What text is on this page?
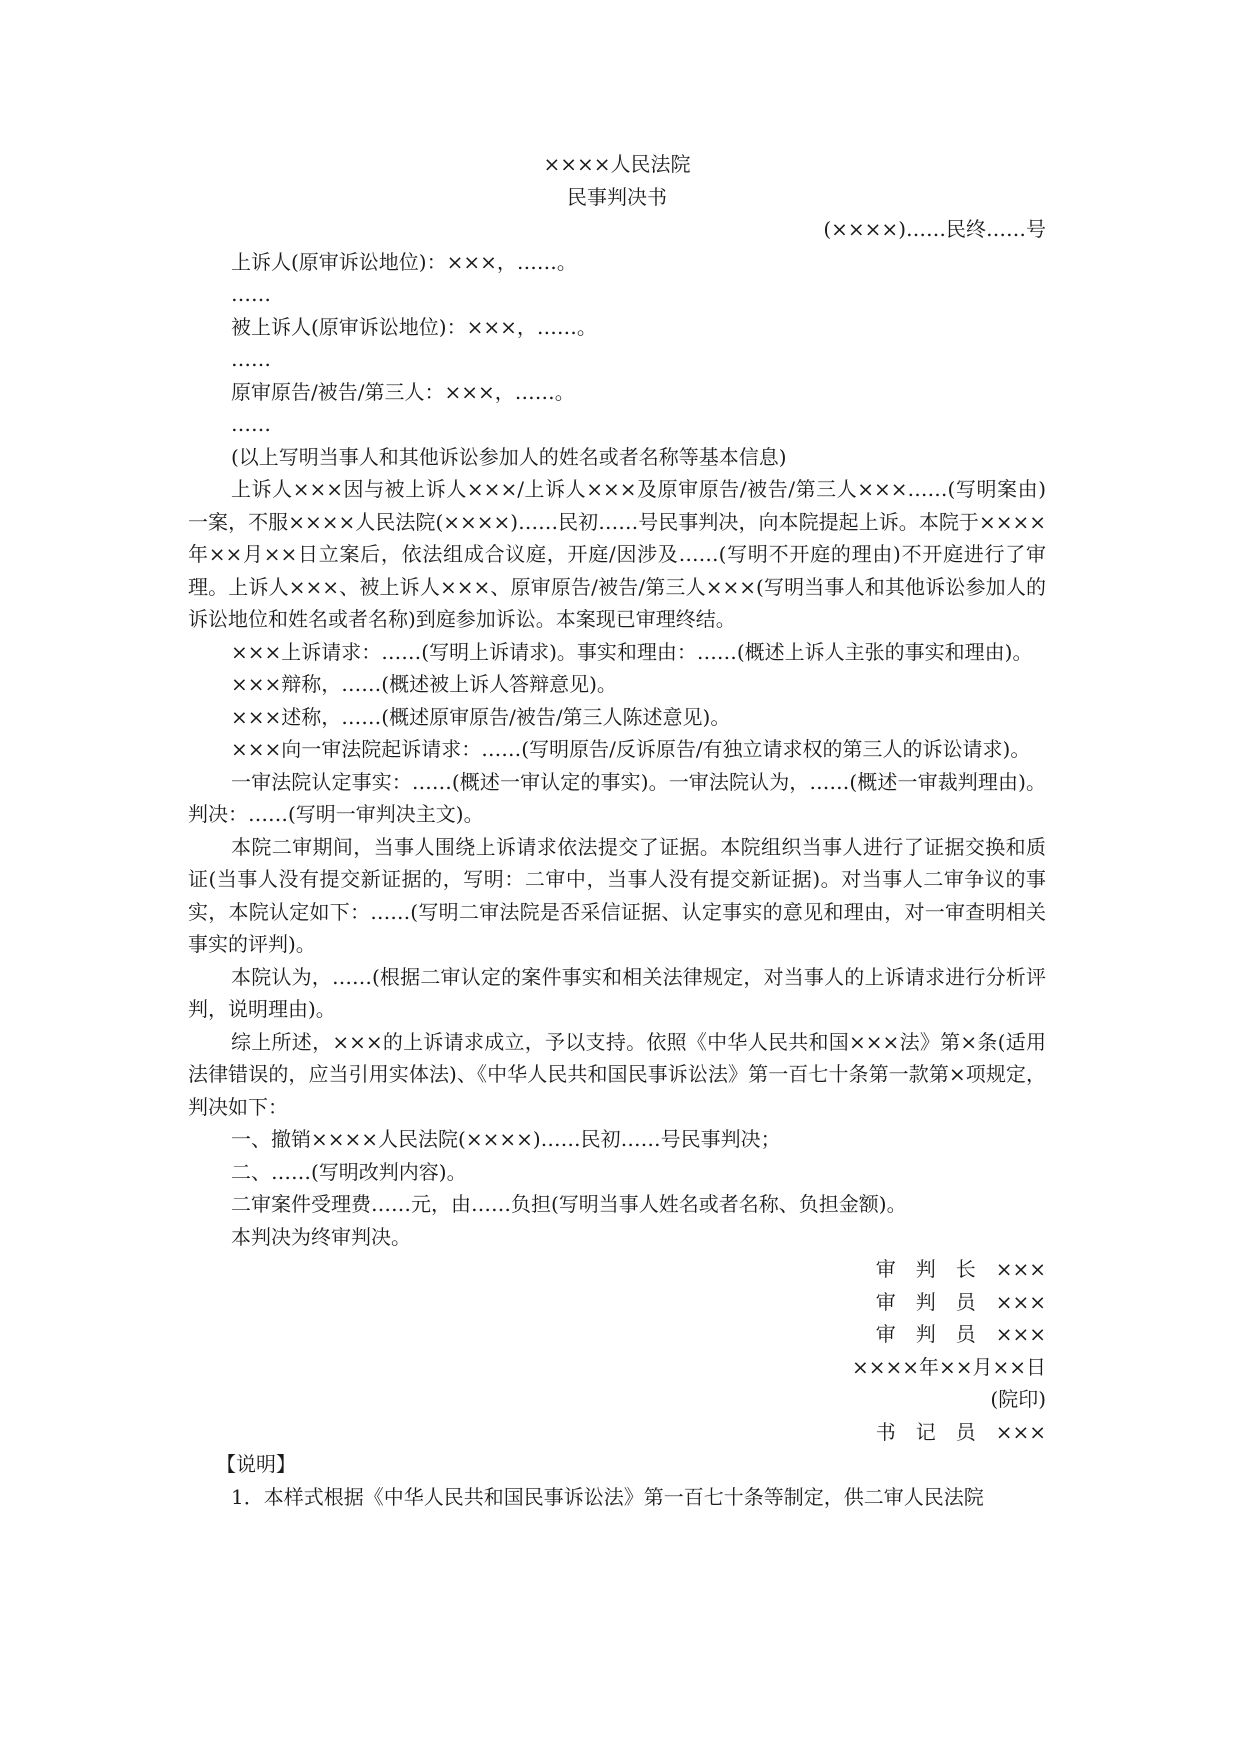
××××人民法院

民事判决书

(××××)……民终……号

上诉人(原审诉讼地位)：×××，……。

……

被上诉人(原审诉讼地位)：×××，……。

……

原审原告/被告/第三人：×××，……。

……

(以上写明当事人和其他诉讼参加人的姓名或者名称等基本信息)

上诉人×××因与被上诉人×××/上诉人×××及原审原告/被告/第三人×××……(写明案由)一案，不服××××人民法院(××××)……民初……号民事判决，向本院提起上诉。本院于××××年××月××日立案后，依法组成合议庭，开庭/因涉及……(写明不开庭的理由)不开庭进行了审理。上诉人×××、被上诉人×××、原审原告/被告/第三人×××(写明当事人和其他诉讼参加人的诉讼地位和姓名或者名称)到庭参加诉讼。本案现已审理终结。

×××上诉请求：……(写明上诉请求)。事实和理由：……(概述上诉人主张的事实和理由)。

×××辩称，……(概述被上诉人答辩意见)。

×××述称，……(概述原审原告/被告/第三人陈述意见)。

×××向一审法院起诉请求：……(写明原告/反诉原告/有独立请求权的第三人的诉讼请求)。

一审法院认定事实：……(概述一审认定的事实)。一审法院认为，……(概述一审裁判理由)。判决：……(写明一审判决主文)。

本院二审期间，当事人围绕上诉请求依法提交了证据。本院组织当事人进行了证据交换和质证(当事人没有提交新证据的，写明：二审中，当事人没有提交新证据)。对当事人二审争议的事实，本院认定如下：……(写明二审法院是否采信证据、认定事实的意见和理由，对一审查明相关事实的评判)。

本院认为，……(根据二审认定的案件事实和相关法律规定，对当事人的上诉请求进行分析评判，说明理由)。

综上所述，×××的上诉请求成立，予以支持。依照《中华人民共和国×××法》第×条(适用法律错误的，应当引用实体法)、《中华人民共和国民事诉讼法》第一百七十条第一款第×项规定，判决如下：

一、撤销××××人民法院(××××)……民初……号民事判决；

二、……(写明改判内容)。

二审案件受理费……元，由……负担(写明当事人姓名或者名称、负担金额)。

本判决为终审判决。

审　判　长　×××

审　判　员　×××

审　判　员　×××

××××年××月××日

(院印)

书　记　员　×××

【说明】

1．本样式根据《中华人民共和国民事诉讼法》第一百七十条等制定，供二审人民法院
